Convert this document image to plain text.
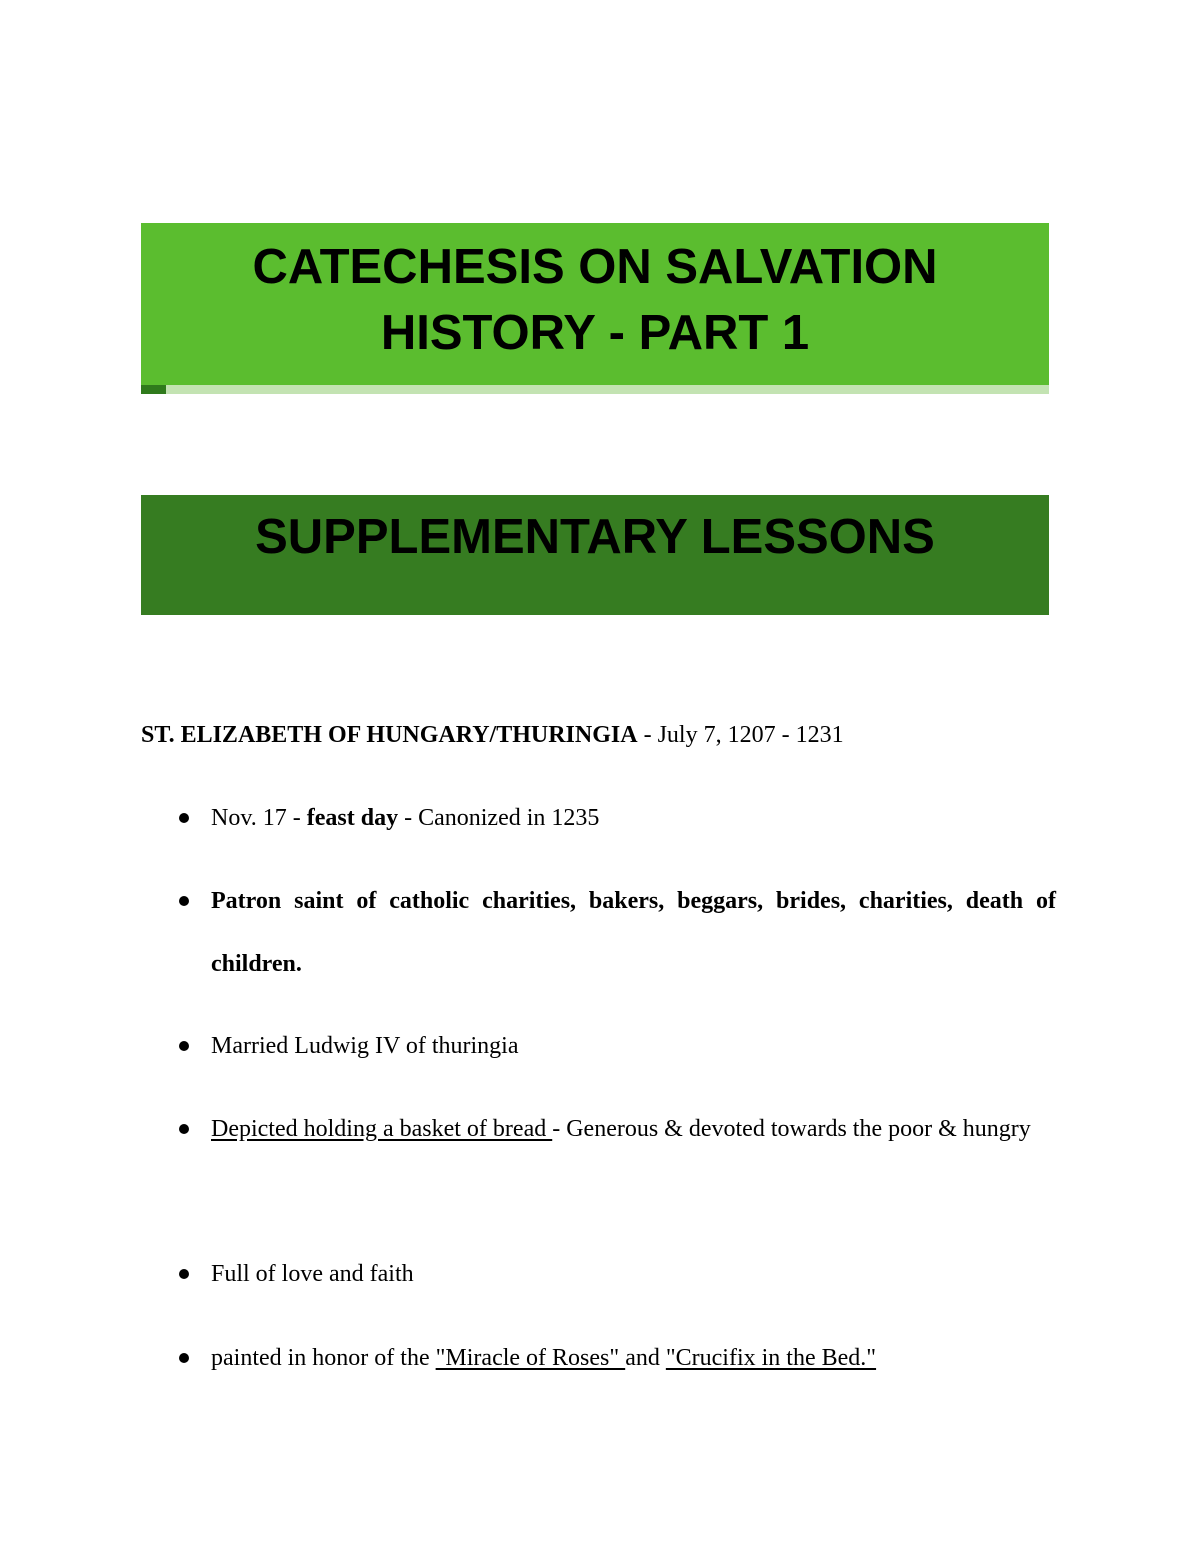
CATECHESIS ON SALVATION
HISTORY - PART 1
SUPPLEMENTARY LESSONS
ST. ELIZABETH OF HUNGARY/THURINGIA - July 7, 1207 - 1231
Nov. 17 - feast day - Canonized in 1235
Patron saint of catholic charities, bakers, beggars, brides, charities, death of children.
Married Ludwig IV of thuringia
Depicted holding a basket of bread - Generous & devoted towards the poor & hungry
Full of love and faith
painted in honor of the "Miracle of Roses" and "Crucifix in the Bed."
